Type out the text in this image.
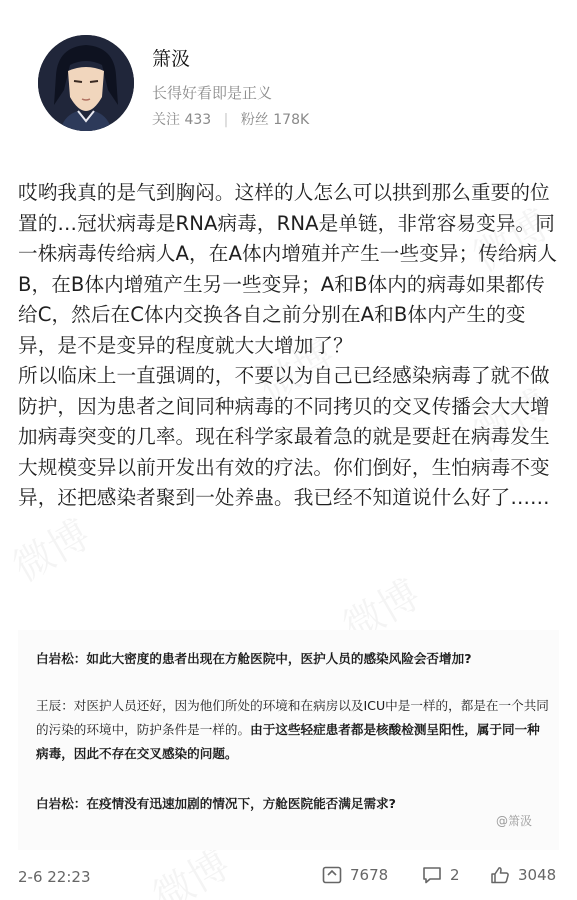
箫汲
长得好看即是正义
关注 433 | 粉丝 178K

哎哟我真的是气到胸闷。这样的人怎么可以拱到那么重要的位置的…冠状病毒是RNA病毒，RNA是单链，非常容易变异。同一株病毒传给病人A，在A体内增殖并产生一些变异；传给病人B，在B体内增殖产生另一些变异；A和B体内的病毒如果都传给C，然后在C体内交换各自之前分别在A和B体内产生的变异，是不是变异的程度就大大增加了？

所以临床上一直强调的，不要以为自己已经感染病毒了就不做防护，因为患者之间同种病毒的不同拷贝的交叉传播会大大增加病毒突变的几率。现在科学家最着急的就是要赶在病毒发生大规模变异以前开发出有效的疗法。你们倒好，生怕病毒不变异，还把感染者聚到一处养蛊。我已经不知道说什么好了……

白岩松：如此大密度的患者出现在方舱医院中，医护人员的感染风险会否增加?
王辰：对医护人员还好，因为他们所处的环境和在病房以及ICU中是一样的，都是在一个共同的污染的环境中，防护条件是一样的。由于这些轻症患者都是核酸检测呈阳性，属于同一种病毒，因此不存在交叉感染的问题。
白岩松：在疫情没有迅速加剧的情况下，方舱医院能否满足需求?
@箫汲
2-6 22:23	7678	2	3048
